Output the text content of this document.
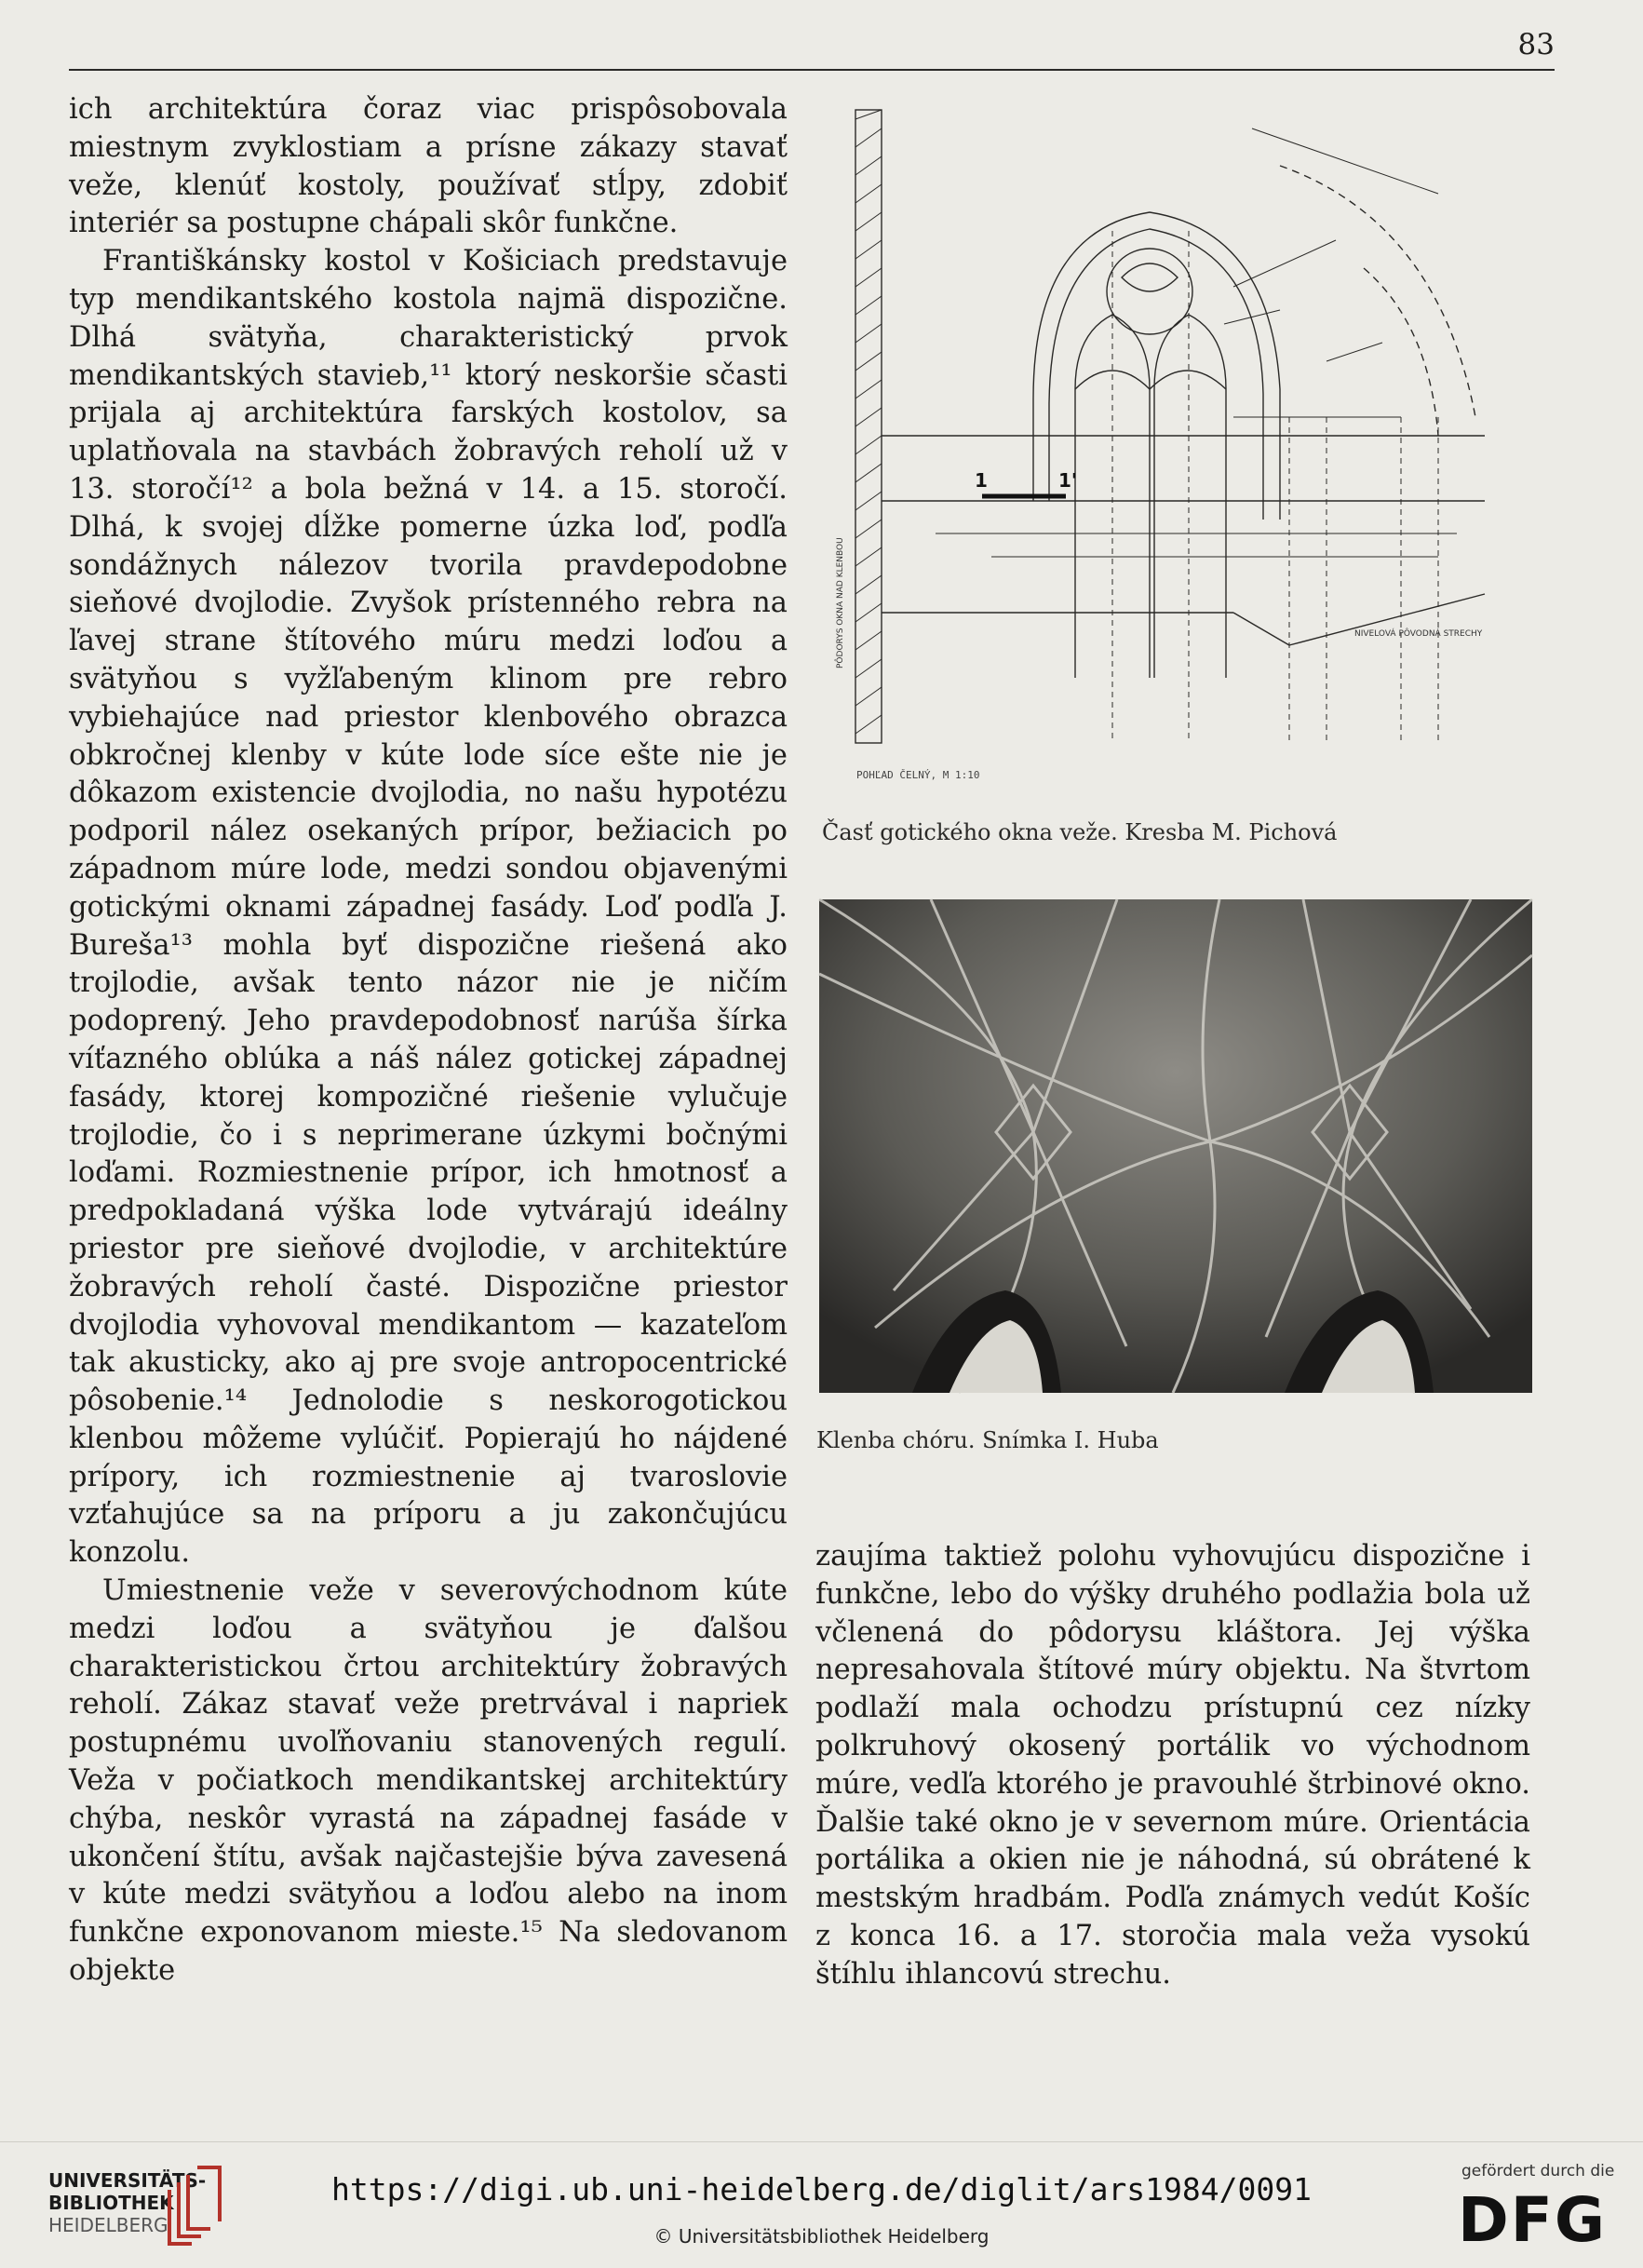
83

ich architektúra čoraz viac prispôsobovala miestnym zvyklostiam a prísne zákazy stavať veže, klenúť kostoly, používať stĺpy, zdobiť interiér sa postupne chápali skôr funkčne.

Františkánsky kostol v Košiciach predstavuje typ mendikantského kostola najmä dispozične. Dlhá svätyňa, charakteristický prvok mendikantských stavieb,¹¹ ktorý neskoršie sčasti prijala aj architektúra farských kostolov, sa uplatňovala na stavbách žobravých reholí už v 13. storočí¹² a bola bežná v 14. a 15. storočí. Dlhá, k svojej dĺžke pomerne úzka loď, podľa sondážnych nálezov tvorila pravdepodobne sieňové dvojlodie. Zvyšok prístenného rebra na ľavej strane štítového múru medzi loďou a svätyňou s vyžľabeným klinom pre rebro vybiehajúce nad priestor klenbového obrazca obkročnej klenby v kúte lode síce ešte nie je dôkazom existencie dvojlodia, no našu hypotézu podporil nález osekaných prípor, bežiacich po západnom múre lode, medzi sondou objavenými gotickými oknami západnej fasády. Loď podľa J. Bureša¹³ mohla byť dispozične riešená ako trojlodie, avšak tento názor nie je ničím podoprený. Jeho pravdepodobnosť narúša šírka víťazného oblúka a náš nález gotickej západnej fasády, ktorej kompozičné riešenie vylučuje trojlodie, čo i s neprimerane úzkymi bočnými loďami. Rozmiestnenie prípor, ich hmotnosť a predpokladaná výška lode vytvárajú ideálny priestor pre sieňové dvojlodie, v architektúre žobravých reholí časté. Dispozične priestor dvojlodia vyhovoval mendikantom — kazateľom tak akusticky, ako aj pre svoje antropocentrické pôsobenie.¹⁴ Jednolodie s neskorogotickou klenbou môžeme vylúčiť. Popierajú ho nájdené prípory, ich rozmiestnenie aj tvaroslovie vzťahujúce sa na príporu a ju zakončujúcu konzolu.

Umiestnenie veže v severovýchodnom kúte medzi loďou a svätyňou je ďalšou charakteristickou črtou architektúry žobravých reholí. Zákaz stavať veže pretrvával i napriek postupnému uvoľňovaniu stanovených regulí. Veža v počiatkoch mendikantskej architektúry chýba, neskôr vyrastá na západnej fasáde v ukončení štítu, avšak najčastejšie býva zavesená v kúte medzi svätyňou a loďou alebo na inom funkčne exponovanom mieste.¹⁵ Na sledovanom objekte

1	1'
PÔDORYS OKNA NAD KLENBOU	NIVELOVÁ PÔVODNÁ STRECHY
POHĽAD ČELNÝ, M 1:10
Časť gotického okna veže. Kresba M. Pichová
Klenba chóru. Snímka I. Huba

zaujíma taktiež polohu vyhovujúcu dispozične i funkčne, lebo do výšky druhého podlažia bola už včlenená do pôdorysu kláštora. Jej výška nepresahovala štítové múry objektu. Na štvrtom podlaží mala ochodzu prístupnú cez nízky polkruhový okosený portálik vo východnom múre, vedľa ktorého je pravouhlé štrbinové okno. Ďalšie také okno je v severnom múre. Orientácia portálika a okien nie je náhodná, sú obrátené k mestským hradbám. Podľa známych vedút Košíc z konca 16. a 17. storočia mala veža vysokú štíhlu ihlancovú strechu.

UNIVERSITÄTS-
BIBLIOTHEK
HEIDELBERG
https://digi.ub.uni-heidelberg.de/diglit/ars1984/0091
© Universitätsbibliothek Heidelberg
gefördert durch die
DFG
